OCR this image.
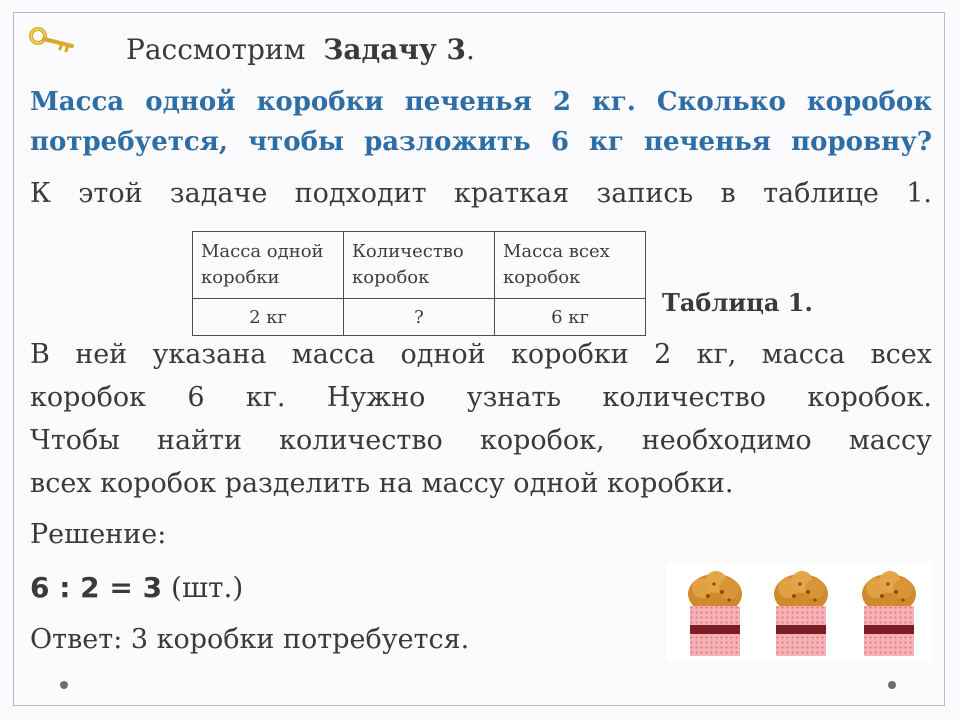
Рассмотрим Задачу 3.
Масса одной коробки печенья 2 кг. Сколько коробок
потребуется, чтобы разложить 6 кг печенья поровну?
К этой задаче подходит краткая запись в таблице 1.
Масса одной коробки	Количество коробок	Масса всех коробок
2 кг	?	6 кг	Таблица 1.
В ней указана масса одной коробки 2 кг, масса всех
коробок 6 кг. Нужно узнать количество коробок.
Чтобы найти количество коробок, необходимо массу
всех коробок разделить на массу одной коробки.
Решение:
6 : 2 = 3 (шт.)
Ответ: 3 коробки потребуется.
